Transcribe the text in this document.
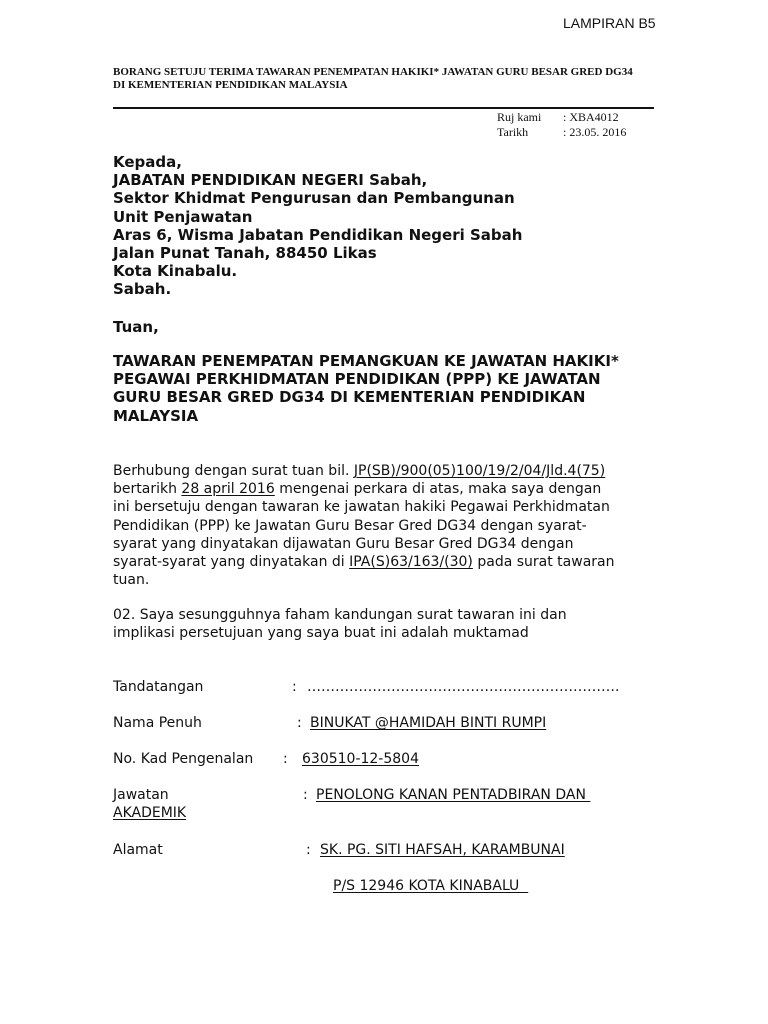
LAMPIRAN B5
BORANG SETUJU TERIMA TAWARAN PENEMPATAN HAKIKI* JAWATAN GURU BESAR GRED DG34
DI KEMENTERIAN PENDIDIKAN MALAYSIA
Ruj kami : XBA4012
Tarikh	: 23.05. 2016
Kepada,
JABATAN PENDIDIKAN NEGERI Sabah,
Sektor Khidmat Pengurusan dan Pembangunan
Unit Penjawatan
Aras 6, Wisma Jabatan Pendidikan Negeri Sabah
Jalan Punat Tanah, 88450 Likas
Kota Kinabalu.
Sabah.
Tuan,
TAWARAN PENEMPATAN PEMANGKUAN KE JAWATAN HAKIKI*
PEGAWAI PERKHIDMATAN PENDIDIKAN (PPP) KE JAWATAN
GURU BESAR GRED DG34 DI KEMENTERIAN PENDIDIKAN
MALAYSIA
Berhubung dengan surat tuan bil. JP(SB)/900(05)100/19/2/04/Jld.4(75)
bertarikh 28 april 2016 mengenai perkara di atas, maka saya dengan
ini bersetuju dengan tawaran ke jawatan hakiki Pegawai Perkhidmatan
Pendidikan (PPP) ke Jawatan Guru Besar Gred DG34 dengan syarat-
syarat yang dinyatakan dijawatan Guru Besar Gred DG34 dengan
syarat-syarat yang dinyatakan di IPA(S)63/163/(30) pada surat tawaran
tuan.
02. Saya sesungguhnya faham kandungan surat tawaran ini dan
implikasi persetujuan yang saya buat ini adalah muktamad
Tandatangan	: ………………………………………………………….
Nama Penuh	: BINUKAT @HAMIDAH BINTI RUMPI
No. Kad Pengenalan : 630510-12-5804
Jawatan	: PENOLONG KANAN PENTADBIRAN DAN
AKADEMIK
Alamat	: SK. PG. SITI HAFSAH, KARAMBUNAI
P/S 12946 KOTA KINABALU
